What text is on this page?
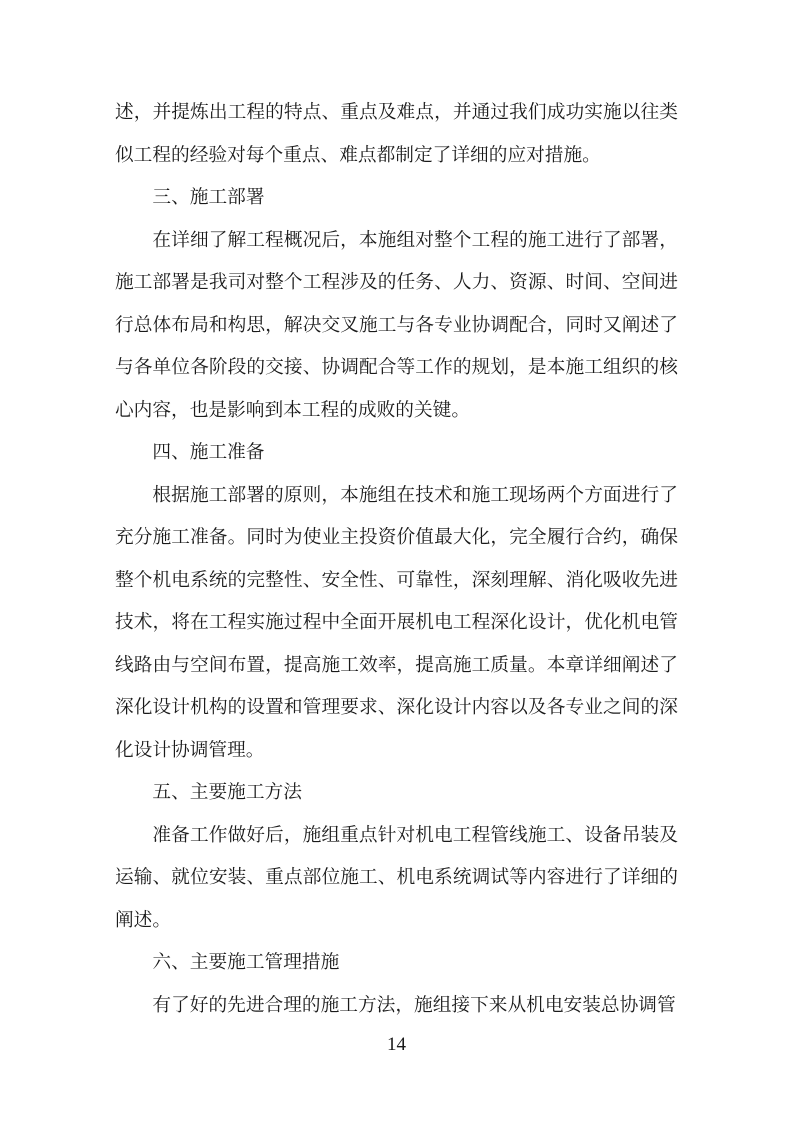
述，并提炼出工程的特点、重点及难点，并通过我们成功实施以往类似工程的经验对每个重点、难点都制定了详细的应对措施。

三、施工部署

在详细了解工程概况后，本施组对整个工程的施工进行了部署，施工部署是我司对整个工程涉及的任务、人力、资源、时间、空间进行总体布局和构思，解决交叉施工与各专业协调配合，同时又阐述了与各单位各阶段的交接、协调配合等工作的规划，是本施工组织的核心内容，也是影响到本工程的成败的关键。

四、施工准备

根据施工部署的原则，本施组在技术和施工现场两个方面进行了充分施工准备。同时为使业主投资价值最大化，完全履行合约，确保整个机电系统的完整性、安全性、可靠性，深刻理解、消化吸收先进技术，将在工程实施过程中全面开展机电工程深化设计，优化机电管线路由与空间布置，提高施工效率，提高施工质量。本章详细阐述了深化设计机构的设置和管理要求、深化设计内容以及各专业之间的深化设计协调管理。

五、主要施工方法

准备工作做好后，施组重点针对机电工程管线施工、设备吊装及运输、就位安装、重点部位施工、机电系统调试等内容进行了详细的阐述。

六、主要施工管理措施

有了好的先进合理的施工方法，施组接下来从机电安装总协调管

14
